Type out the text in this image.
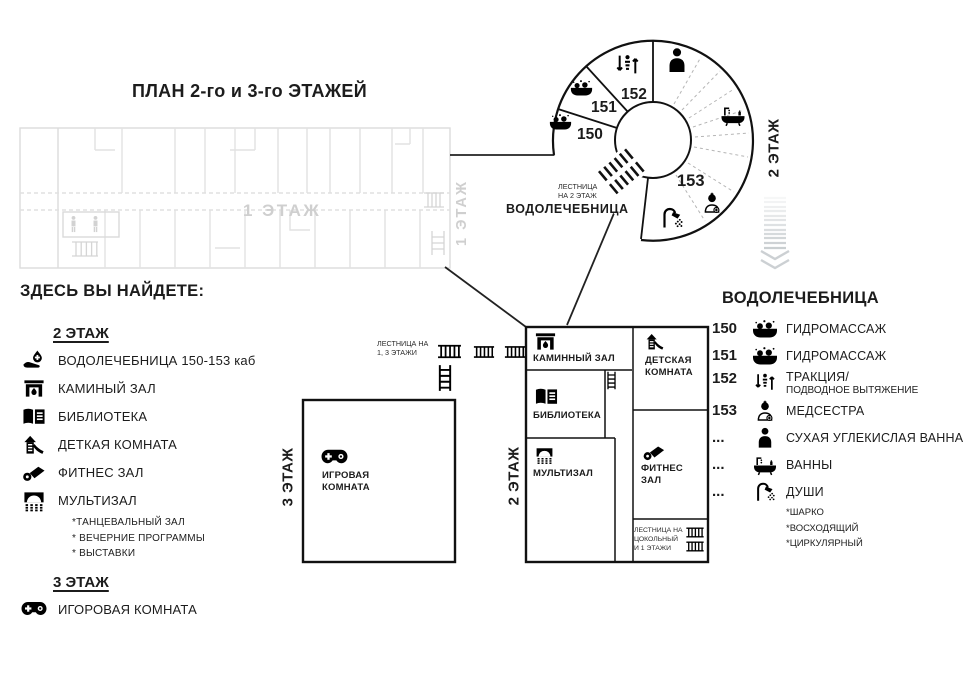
ПЛАН 2-го и 3-го ЭТАЖЕЙ
1 ЭТАЖ	1 ЭТАЖ	ЛЕСТНИЦА
НА 2 ЭТАЖ
ВОДОЛЕЧЕБНИЦА
150
151
152
153
2 ЭТАЖ
ЛЕСТНИЦА НА
1, 3 ЭТАЖИ
3 ЭТАЖ	ИГРОВАЯ КОМНАТА	2 ЭТАЖ
КАМИННЫЙ ЗАЛ	ДЕТСКАЯ КОМНАТА
БИБЛИОТЕКА
МУЛЬТИЗАЛ	ФИТНЕС ЗАЛ
ЛЕСТНИЦА НА
ЦОКОЛЬНЫЙ
И 1 ЭТАЖИ
ЗДЕСЬ ВЫ НАЙДЕТЕ:
2 ЭТАЖ
ВОДОЛЕЧЕБНИЦА 150-153 каб
КАМИНЫЙ ЗАЛ
БИБЛИОТЕКА
ДЕТКАЯ КОМНАТА
ФИТНЕС ЗАЛ
МУЛЬТИЗАЛ
*ТАНЦЕВАЛЬНЫЙ ЗАЛ
* ВЕЧЕРНИЕ ПРОГРАММЫ
* ВЫСТАВКИ
3 ЭТАЖ
ИГОРОВАЯ КОМНАТА
ВОДОЛЕЧЕБНИЦА
150	ГИДРОМАССАЖ
151	ГИДРОМАССАЖ
152	ТРАКЦИЯ/
ПОДВОДНОЕ ВЫТЯЖЕНИЕ
153	МЕДСЕСТРА
...	СУХАЯ УГЛЕКИСЛАЯ ВАННА
...	ВАННЫ
...	ДУШИ
*ШАРКО
*ВОСХОДЯЩИЙ
*ЦИРКУЛЯРНЫЙ
